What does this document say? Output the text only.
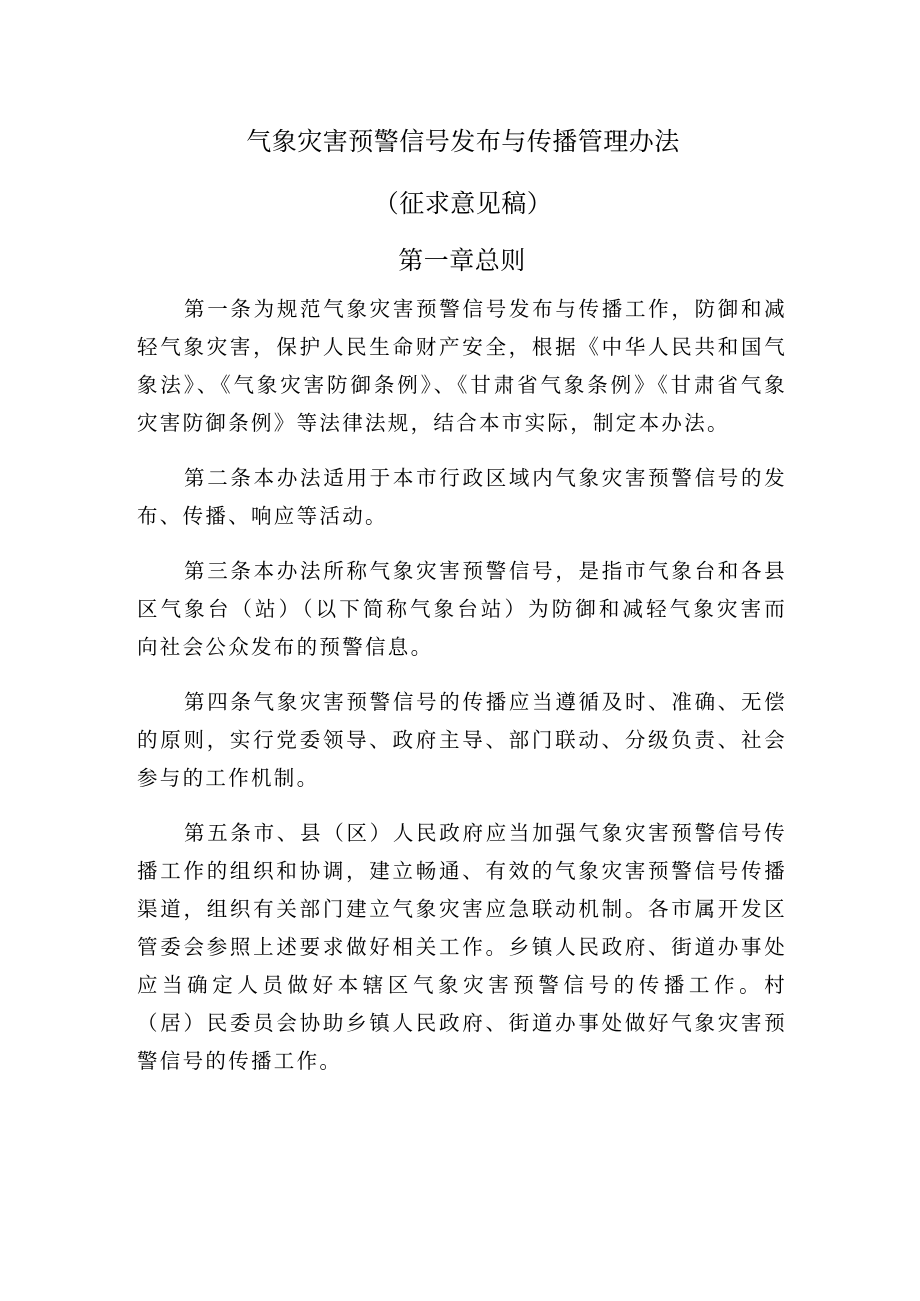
气象灾害预警信号发布与传播管理办法
（征求意见稿）
第一章总则

第一条为规范气象灾害预警信号发布与传播工作，防御和减轻气象灾害，保护人民生命财产安全，根据《中华人民共和国气象法》、《气象灾害防御条例》、《甘肃省气象条例》《甘肃省气象灾害防御条例》等法律法规，结合本市实际，制定本办法。

第二条本办法适用于本市行政区域内气象灾害预警信号的发布、传播、响应等活动。

第三条本办法所称气象灾害预警信号，是指市气象台和各县区气象台（站）（以下简称气象台站）为防御和减轻气象灾害而向社会公众发布的预警信息。

第四条气象灾害预警信号的传播应当遵循及时、准确、无偿的原则，实行党委领导、政府主导、部门联动、分级负责、社会参与的工作机制。

第五条市、县（区）人民政府应当加强气象灾害预警信号传播工作的组织和协调，建立畅通、有效的气象灾害预警信号传播渠道，组织有关部门建立气象灾害应急联动机制。各市属开发区管委会参照上述要求做好相关工作。乡镇人民政府、街道办事处应当确定人员做好本辖区气象灾害预警信号的传播工作。村（居）民委员会协助乡镇人民政府、街道办事处做好气象灾害预警信号的传播工作。
